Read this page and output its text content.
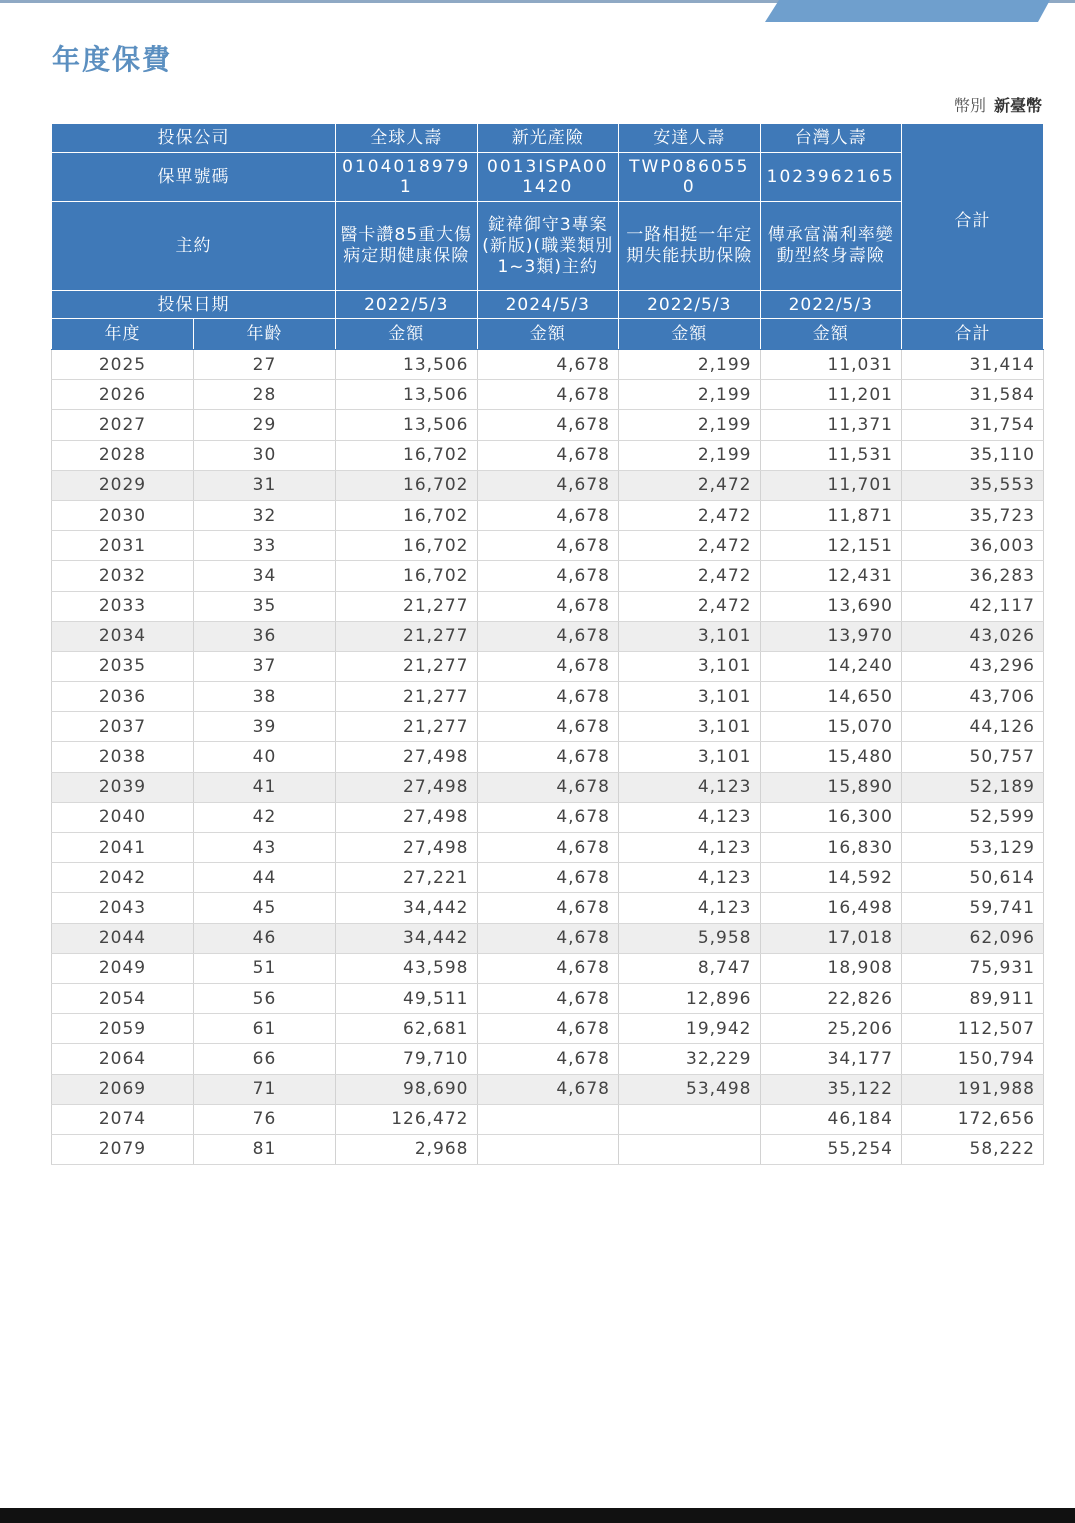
年度保費
幣別 新臺幣
投保公司		全球人壽	新光產險	安達人壽	台灣人壽	合計
保單號碼		0104018979 1	0013ISPA00 1420	TWP086055 0	1023962165	
主約		醫卡讚85重大傷病定期健康保險	錠褘御守3專案(新版)(職業類別1~3類)主約	一路相挺一年定期失能扶助保險	傳承富滿利率變動型終身壽險	
投保日期		2022/5/3	2024/5/3	2022/5/3	2022/5/3	
年度	年齡	金額	金額	金額	金額	合計
2025	27	13,506	4,678	2,199	11,031	31,414
2026	28	13,506	4,678	2,199	11,201	31,584
2027	29	13,506	4,678	2,199	11,371	31,754
2028	30	16,702	4,678	2,199	11,531	35,110
2029	31	16,702	4,678	2,472	11,701	35,553
2030	32	16,702	4,678	2,472	11,871	35,723
2031	33	16,702	4,678	2,472	12,151	36,003
2032	34	16,702	4,678	2,472	12,431	36,283
2033	35	21,277	4,678	2,472	13,690	42,117
2034	36	21,277	4,678	3,101	13,970	43,026
2035	37	21,277	4,678	3,101	14,240	43,296
2036	38	21,277	4,678	3,101	14,650	43,706
2037	39	21,277	4,678	3,101	15,070	44,126
2038	40	27,498	4,678	3,101	15,480	50,757
2039	41	27,498	4,678	4,123	15,890	52,189
2040	42	27,498	4,678	4,123	16,300	52,599
2041	43	27,498	4,678	4,123	16,830	53,129
2042	44	27,221	4,678	4,123	14,592	50,614
2043	45	34,442	4,678	4,123	16,498	59,741
2044	46	34,442	4,678	5,958	17,018	62,096
2049	51	43,598	4,678	8,747	18,908	75,931
2054	56	49,511	4,678	12,896	22,826	89,911
2059	61	62,681	4,678	19,942	25,206	112,507
2064	66	79,710	4,678	32,229	34,177	150,794
2069	71	98,690	4,678	53,498	35,122	191,988
2074	76	126,472			46,184	172,656
2079	81	2,968			55,254	58,222
